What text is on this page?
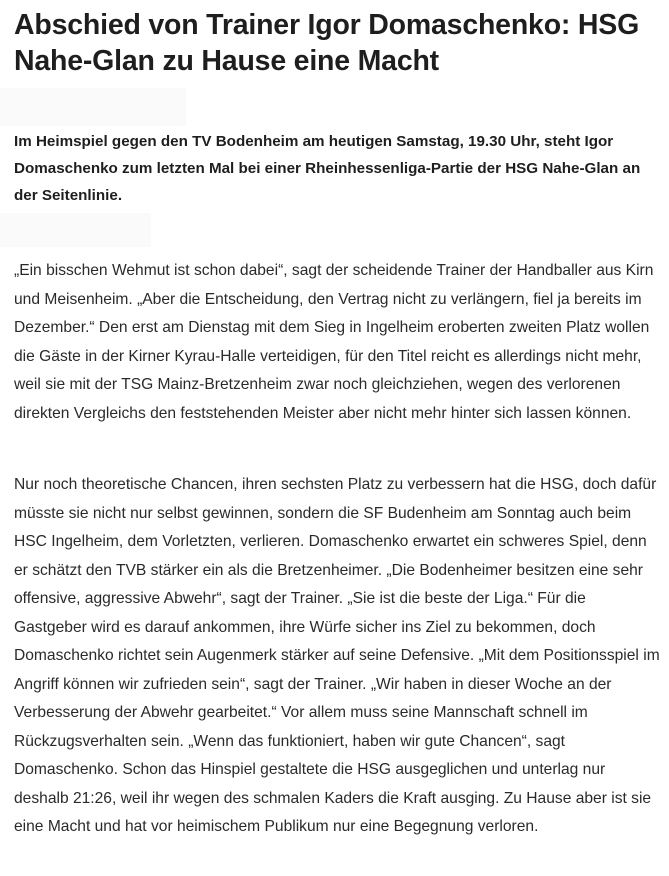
Abschied von Trainer Igor Domaschenko: HSG Nahe-Glan zu Hause eine Macht

Im Heimspiel gegen den TV Bodenheim am heutigen Samstag, 19.30 Uhr, steht Igor Domaschenko zum letzten Mal bei einer Rheinhessenliga-Partie der HSG Nahe-Glan an der Seitenlinie.

„Ein bisschen Wehmut ist schon dabei“, sagt der scheidende Trainer der Handballer aus Kirn und Meisenheim. „Aber die Entscheidung, den Vertrag nicht zu verlängern, fiel ja bereits im Dezember.“ Den erst am Dienstag mit dem Sieg in Ingelheim eroberten zweiten Platz wollen die Gäste in der Kirner Kyrau-Halle verteidigen, für den Titel reicht es allerdings nicht mehr, weil sie mit der TSG Mainz-Bretzenheim zwar noch gleichziehen, wegen des verlorenen direkten Vergleichs den feststehenden Meister aber nicht mehr hinter sich lassen können.

Nur noch theoretische Chancen, ihren sechsten Platz zu verbessern hat die HSG, doch dafür müsste sie nicht nur selbst gewinnen, sondern die SF Budenheim am Sonntag auch beim HSC Ingelheim, dem Vorletzten, verlieren. Domaschenko erwartet ein schweres Spiel, denn er schätzt den TVB stärker ein als die Bretzenheimer. „Die Bodenheimer besitzen eine sehr offensive, aggressive Abwehr“, sagt der Trainer. „Sie ist die beste der Liga.“ Für die Gastgeber wird es darauf ankommen, ihre Würfe sicher ins Ziel zu bekommen, doch Domaschenko richtet sein Augenmerk stärker auf seine Defensive. „Mit dem Positionsspiel im Angriff können wir zufrieden sein“, sagt der Trainer. „Wir haben in dieser Woche an der Verbesserung der Abwehr gearbeitet.“ Vor allem muss seine Mannschaft schnell im Rückzugsverhalten sein. „Wenn das funktioniert, haben wir gute Chancen“, sagt Domaschenko. Schon das Hinspiel gestaltete die HSG ausgeglichen und unterlag nur deshalb 21:26, weil ihr wegen des schmalen Kaders die Kraft ausging. Zu Hause aber ist sie eine Macht und hat vor heimischem Publikum nur eine Begegnung verloren.
